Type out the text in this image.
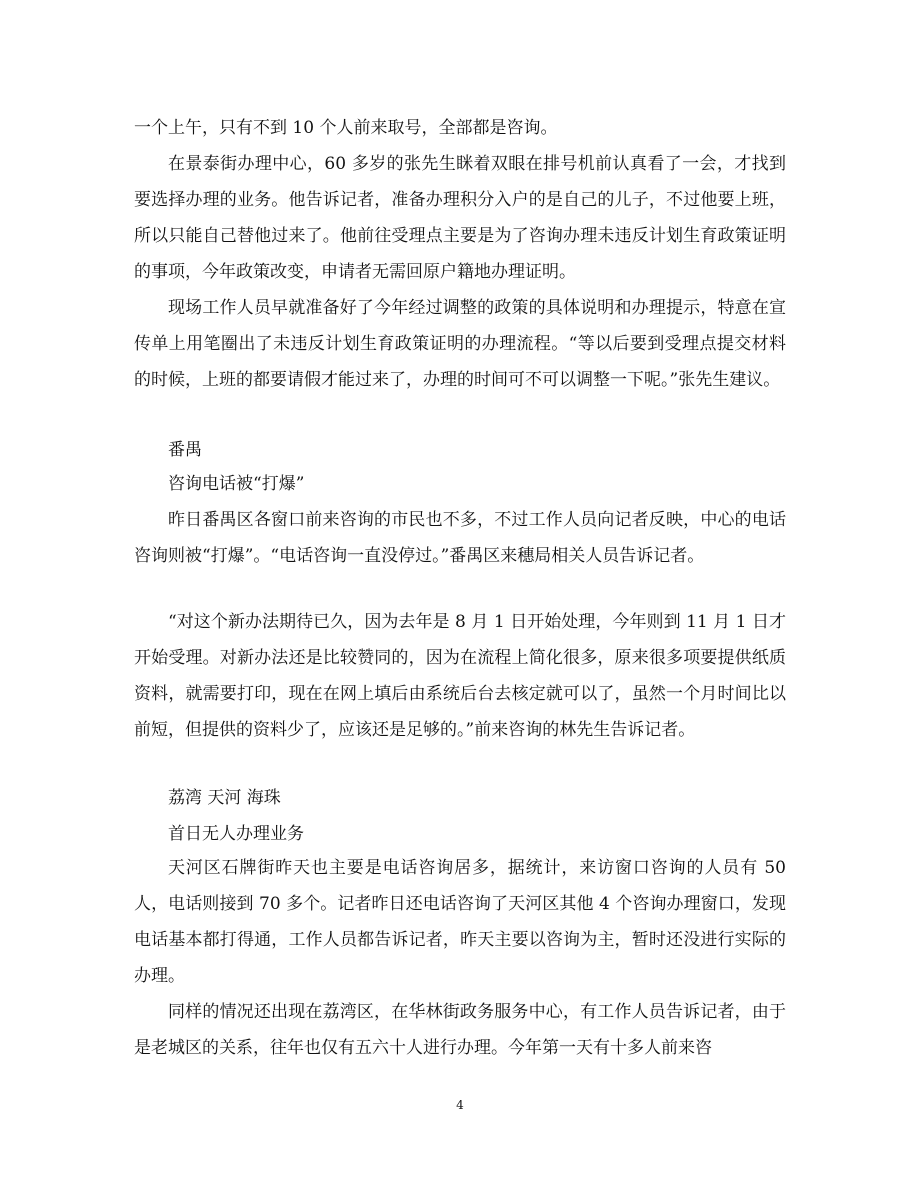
一个上午，只有不到 10 个人前来取号，全部都是咨询。

在景泰街办理中心，60 多岁的张先生眯着双眼在排号机前认真看了一会，才找到要选择办理的业务。他告诉记者，准备办理积分入户的是自己的儿子，不过他要上班，所以只能自己替他过来了。他前往受理点主要是为了咨询办理未违反计划生育政策证明的事项，今年政策改变，申请者无需回原户籍地办理证明。

现场工作人员早就准备好了今年经过调整的政策的具体说明和办理提示，特意在宣传单上用笔圈出了未违反计划生育政策证明的办理流程。“等以后要到受理点提交材料的时候，上班的都要请假才能过来了，办理的时间可不可以调整一下呢。”张先生建议。

番禺

咨询电话被“打爆”

昨日番禺区各窗口前来咨询的市民也不多，不过工作人员向记者反映，中心的电话咨询则被“打爆”。“电话咨询一直没停过。”番禺区来穗局相关人员告诉记者。

“对这个新办法期待已久，因为去年是 8 月 1 日开始处理，今年则到 11 月 1 日才开始受理。对新办法还是比较赞同的，因为在流程上简化很多，原来很多项要提供纸质资料，就需要打印，现在在网上填后由系统后台去核定就可以了，虽然一个月时间比以前短，但提供的资料少了，应该还是足够的。”前来咨询的林先生告诉记者。

荔湾 天河 海珠

首日无人办理业务

天河区石牌街昨天也主要是电话咨询居多，据统计，来访窗口咨询的人员有 50 人，电话则接到 70 多个。记者昨日还电话咨询了天河区其他 4 个咨询办理窗口，发现电话基本都打得通，工作人员都告诉记者，昨天主要以咨询为主，暂时还没进行实际的办理。

同样的情况还出现在荔湾区，在华林街政务服务中心，有工作人员告诉记者，由于是老城区的关系，往年也仅有五六十人进行办理。今年第一天有十多人前来咨

4
